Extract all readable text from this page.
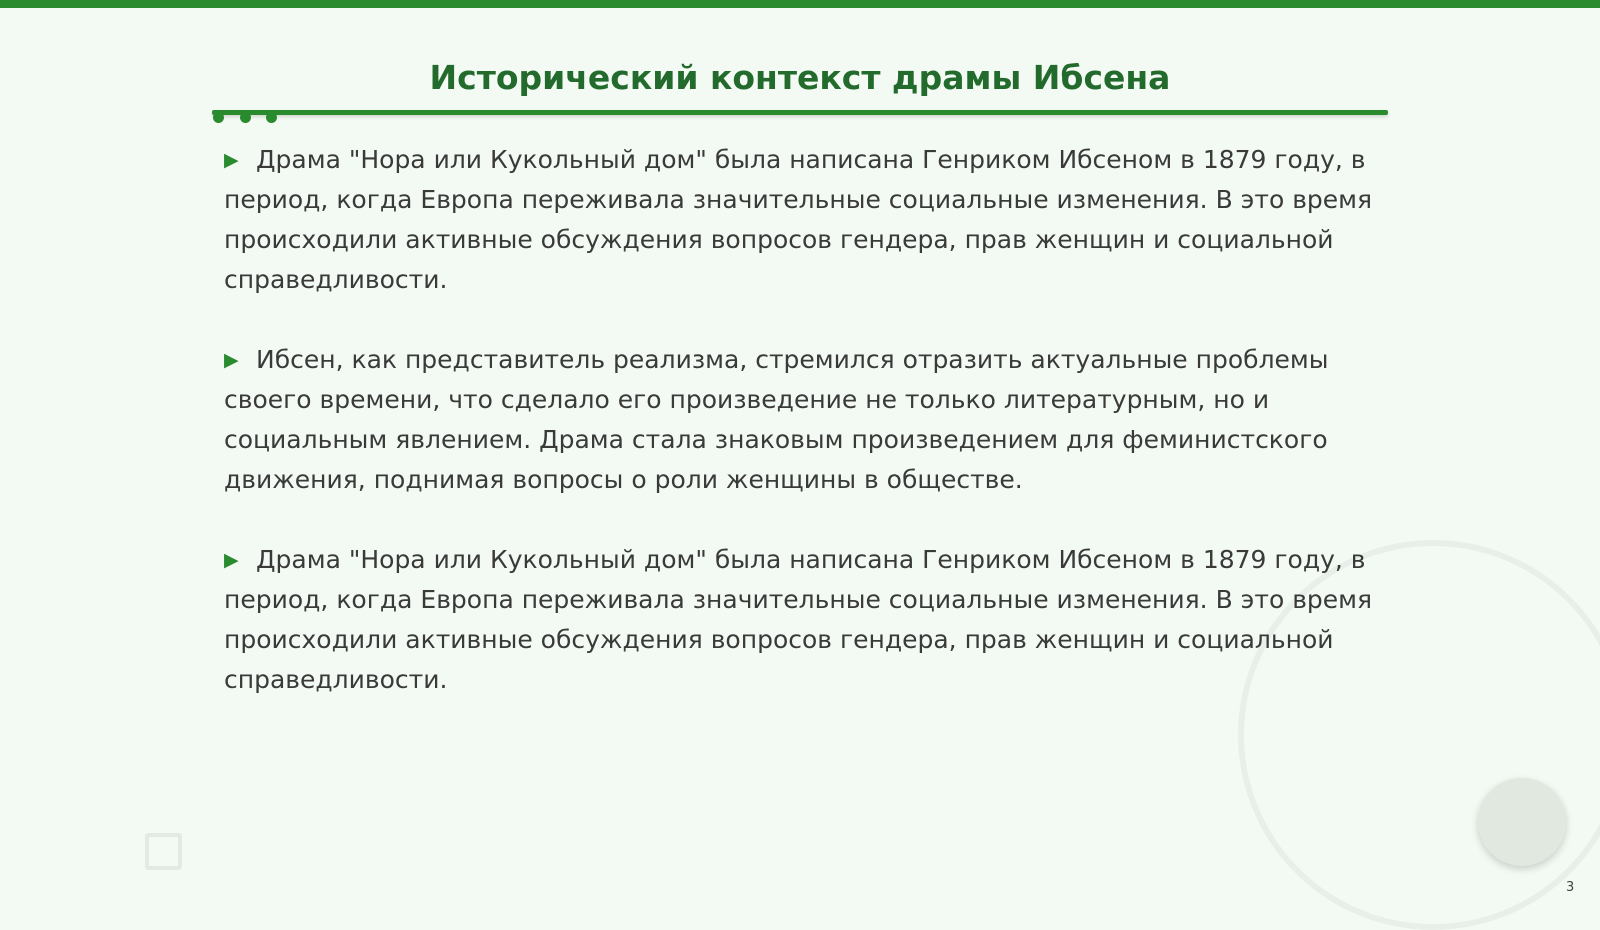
Исторический контекст драмы Ибсена

▶ Драма "Нора или Кукольный дом" была написана Генриком Ибсеном в 1879 году, в период, когда Европа переживала значительные социальные изменения. В это время происходили активные обсуждения вопросов гендера, прав женщин и социальной справедливости.

▶ Ибсен, как представитель реализма, стремился отразить актуальные проблемы своего времени, что сделало его произведение не только литературным, но и социальным явлением. Драма стала знаковым произведением для феминистского движения, поднимая вопросы о роли женщины в обществе.

▶ Драма "Нора или Кукольный дом" была написана Генриком Ибсеном в 1879 году, в период, когда Европа переживала значительные социальные изменения. В это время происходили активные обсуждения вопросов гендера, прав женщин и социальной справедливости.

3
